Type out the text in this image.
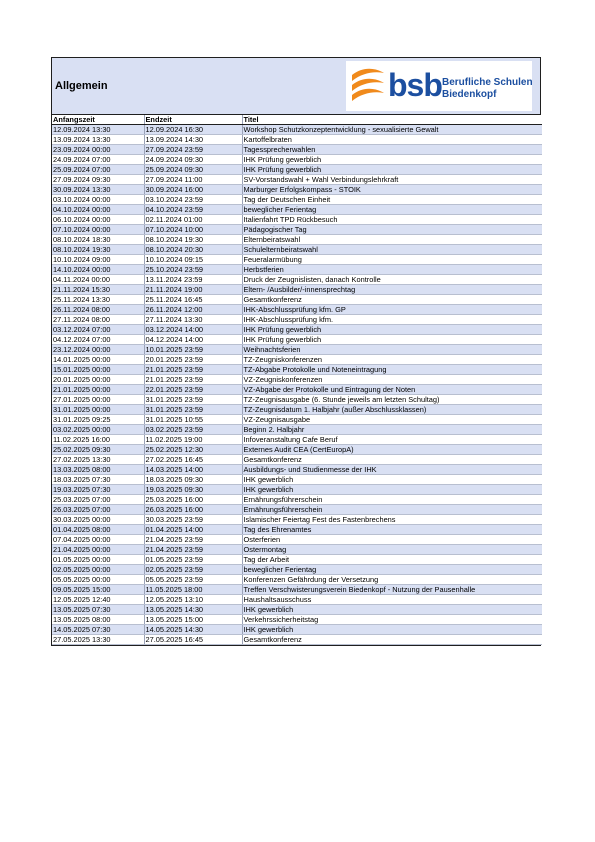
Allgemein	bsb Berufliche Schulen
Biedenkopf
Anfangszeit	Endzeit	Titel
12.09.2024 13:30	12.09.2024 16:30	Workshop Schutzkonzeptentwicklung - sexualisierte Gewalt
13.09.2024 13:30	13.09.2024 14:30	Kartoffelbraten
23.09.2024 00:00	27.09.2024 23:59	Tagessprecherwahlen
24.09.2024 07:00	24.09.2024 09:30	IHK Prüfung gewerblich
25.09.2024 07:00	25.09.2024 09:30	IHK Prüfung gewerblich
27.09.2024 09:30	27.09.2024 11:00	SV-Vorstandswahl + Wahl Verbindungslehrkraft
30.09.2024 13:30	30.09.2024 16:00	Marburger Erfolgskompass - STOIK
03.10.2024 00:00	03.10.2024 23:59	Tag der Deutschen Einheit
04.10.2024 00:00	04.10.2024 23:59	beweglicher Ferientag
06.10.2024 00:00	02.11.2024 01:00	Italienfahrt TPD Rückbesuch
07.10.2024 00:00	07.10.2024 10:00	Pädagogischer Tag
08.10.2024 18:30	08.10.2024 19:30	Elternbeiratswahl
08.10.2024 19:30	08.10.2024 20:30	Schulelternbeiratswahl
10.10.2024 09:00	10.10.2024 09:15	Feueralarmübung
14.10.2024 00:00	25.10.2024 23:59	Herbstferien
04.11.2024 00:00	13.11.2024 23:59	Druck der Zeugnislisten, danach Kontrolle
21.11.2024 15:30	21.11.2024 19:00	Eltern- /Ausbilder/-innensprechtag
25.11.2024 13:30	25.11.2024 16:45	Gesamtkonferenz
26.11.2024 08:00	26.11.2024 12:00	IHK-Abschlussprüfung kfm. GP
27.11.2024 08:00	27.11.2024 13:30	IHK-Abschlussprüfung kfm.
03.12.2024 07:00	03.12.2024 14:00	IHK Prüfung gewerblich
04.12.2024 07:00	04.12.2024 14:00	IHK Prüfung gewerblich
23.12.2024 00:00	10.01.2025 23:59	Weihnachtsferien
14.01.2025 00:00	20.01.2025 23:59	TZ-Zeugniskonferenzen
15.01.2025 00:00	21.01.2025 23:59	TZ-Abgabe Protokolle und Noteneintragung
20.01.2025 00:00	21.01.2025 23:59	VZ-Zeugniskonferenzen
21.01.2025 00:00	22.01.2025 23:59	VZ-Abgabe der Protokolle und Eintragung der Noten
27.01.2025 00:00	31.01.2025 23:59	TZ-Zeugnisausgabe (6. Stunde jeweils am letzten Schultag)
31.01.2025 00:00	31.01.2025 23:59	TZ-Zeugnisdatum 1. Halbjahr (außer Abschlussklassen)
31.01.2025 09:25	31.01.2025 10:55	VZ-Zeugnisausgabe
03.02.2025 00:00	03.02.2025 23:59	Beginn 2. Halbjahr
11.02.2025 16:00	11.02.2025 19:00	Infoveranstaltung Cafe Beruf
25.02.2025 09:30	25.02.2025 12:30	Externes Audit CEA (CertEuropA)
27.02.2025 13:30	27.02.2025 16:45	Gesamtkonferenz
13.03.2025 08:00	14.03.2025 14:00	Ausbildungs- und Studienmesse der IHK
18.03.2025 07:30	18.03.2025 09:30	IHK gewerblich
19.03.2025 07:30	19.03.2025 09:30	IHK gewerblich
25.03.2025 07:00	25.03.2025 16:00	Ernährungsführerschein
26.03.2025 07:00	26.03.2025 16:00	Ernährungsführerschein
30.03.2025 00:00	30.03.2025 23:59	Islamischer Feiertag Fest des Fastenbrechens
01.04.2025 08:00	01.04.2025 14:00	Tag des Ehrenamtes
07.04.2025 00:00	21.04.2025 23:59	Osterferien
21.04.2025 00:00	21.04.2025 23:59	Ostermontag
01.05.2025 00:00	01.05.2025 23:59	Tag der Arbeit
02.05.2025 00:00	02.05.2025 23:59	beweglicher Ferientag
05.05.2025 00:00	05.05.2025 23:59	Konferenzen Gefährdung der Versetzung
09.05.2025 15:00	11.05.2025 18:00	Treffen Verschwisterungsverein Biedenkopf - Nutzung der Pausenhalle
12.05.2025 12:40	12.05.2025 13:10	Haushaltsausschuss
13.05.2025 07:30	13.05.2025 14:30	IHK gewerblich
13.05.2025 08:00	13.05.2025 15:00	Verkehrssicherheitstag
14.05.2025 07:30	14.05.2025 14:30	IHK gewerblich
27.05.2025 13:30	27.05.2025 16:45	Gesamtkonferenz
